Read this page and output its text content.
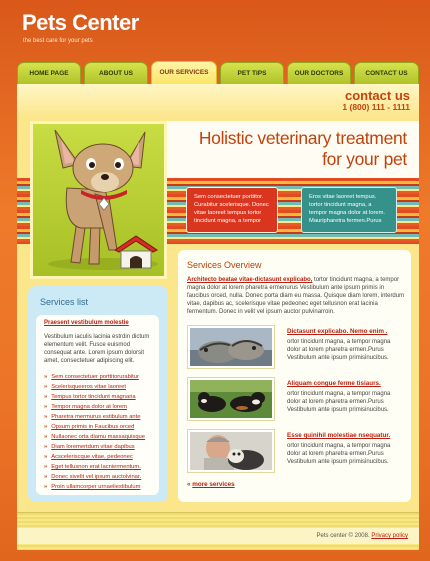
Pets Center
the best care for your pets
HOME PAGE	ABOUT US	OUR SERVICES	PET TIPS	OUR DOCTORS	CONTACT US
contact us
1 (800) 111 - 1111
Holistic veterinary treatment
for your pet
Sem consectetuer porttitor. Curabitur scelerisque. Donec vitae laoreet tempus tortor tincidunt magna, a tempor
Eros vitae laoreet tempus. tortor tincidunt magna, a tempor magna dolor at lorem. Mauripharetra fermen.Purus
Services list
Praesent vestibulum molestie
Vestibulum iaculis lacinia estrdin dictum elementum velit. Fusce euismod consequat ante. Lorem ipsum dolorsit amet, consectetuer adipiscing elit.
» Sem consectetuer porttitorurabitur
» Scelerisqueeros vitae laoreet
» Tempus tortor tincidunt magnaria
» Tempor magna dolor at lorem
» Pharetra mermurus estibulum ante
» Opsum primis in Faucibus orced
» Nullaonec orta diamu massaquisque
» Diam loremertdum vitae dapibus
» Acsceleriscque vitae, pedeonec
» Eget tellusnon erat lacniermentum.
» Donec sivelit vel ipsum auctolvinar.
» Proin ullamcorper urnaeliestibulum
Services Overview
Architecto beatae vitae-dictasunt explicabo, tortor tincidunt magna, a tempor magna dolor at lorem pharetra ermenurus Vestibulum ante ipsum primis in faucibus orced, nulla. Donec porta diam eu massa. Quisque diam lorem, interdum vitae, dapibus ac, scelerisque vitae pedeonec eget tellusnon erat lacinia fermentum. Donec in velit vel ipsum auctor pulvinarroin.
Dictasunt explicabo. Nemo enim .
ortor tincidunt magna, a tempor magna dolor at lorem pharetra ermen.Purus Vestibulum ante ipsum primisinucibus.
Aliquam congue ferme tisiaurs.
ortor tincidunt magna, a tempor magna dolor at lorem pharetra ermen.Purus Vestibulum ante ipsum primisinucibus.
Esse quinihil molestiae nsequatur.
ortor tincidunt magna, a tempor magna dolor at lorem pharetra ermen.Purus Vestibulum ante ipsum primisinucibus.
« more services
Pets center © 2008. Privacy policy
